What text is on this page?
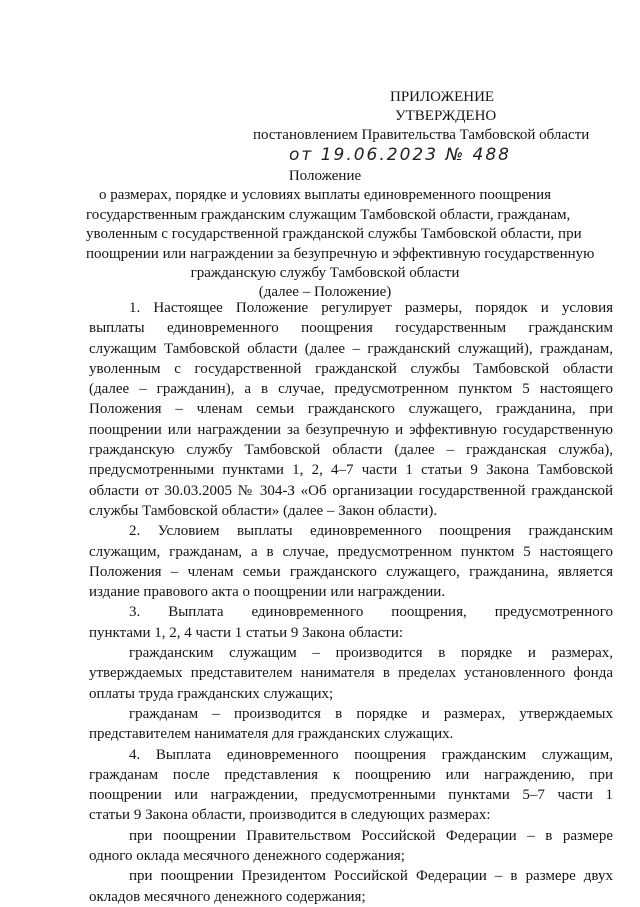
ПРИЛОЖЕНИЕ
УТВЕРЖДЕНО
постановлением Правительства Тамбовской области
от 19.06.2023 № 488
Положение
о размерах, порядке и условиях выплаты единовременного поощрения
государственным гражданским служащим Тамбовской области, гражданам,
уволенным с государственной гражданской службы Тамбовской области, при
поощрении или награждении за безупречную и эффективную государственную
гражданскую службу Тамбовской области
(далее – Положение)
1. Настоящее Положение регулирует размеры, порядок и условия
выплаты единовременного поощрения государственным гражданским
служащим Тамбовской области (далее – гражданский служащий), гражданам,
уволенным с государственной гражданской службы Тамбовской области
(далее – гражданин), а в случае, предусмотренном пунктом 5 настоящего
Положения – членам семьи гражданского служащего, гражданина, при
поощрении или награждении за безупречную и эффективную государственную
гражданскую службу Тамбовской области (далее – гражданская служба),
предусмотренными пунктами 1, 2, 4–7 части 1 статьи 9 Закона Тамбовской
области от 30.03.2005 № 304-З «Об организации государственной гражданской
службы Тамбовской области» (далее – Закон области).
2. Условием выплаты единовременного поощрения гражданским
служащим, гражданам, а в случае, предусмотренном пунктом 5 настоящего
Положения – членам семьи гражданского служащего, гражданина, является
издание правового акта о поощрении или награждении.
3. Выплата единовременного поощрения, предусмотренного
пунктами 1, 2, 4 части 1 статьи 9 Закона области:
гражданским служащим – производится в порядке и размерах,
утверждаемых представителем нанимателя в пределах установленного фонда
оплаты труда гражданских служащих;
гражданам – производится в порядке и размерах, утверждаемых
представителем нанимателя для гражданских служащих.
4. Выплата единовременного поощрения гражданским служащим,
гражданам после представления к поощрению или награждению, при
поощрении или награждении, предусмотренными пунктами 5–7 части 1
статьи 9 Закона области, производится в следующих размерах:
при поощрении Правительством Российской Федерации – в размере
одного оклада месячного денежного содержания;
при поощрении Президентом Российской Федерации – в размере двух
окладов месячного денежного содержания;
